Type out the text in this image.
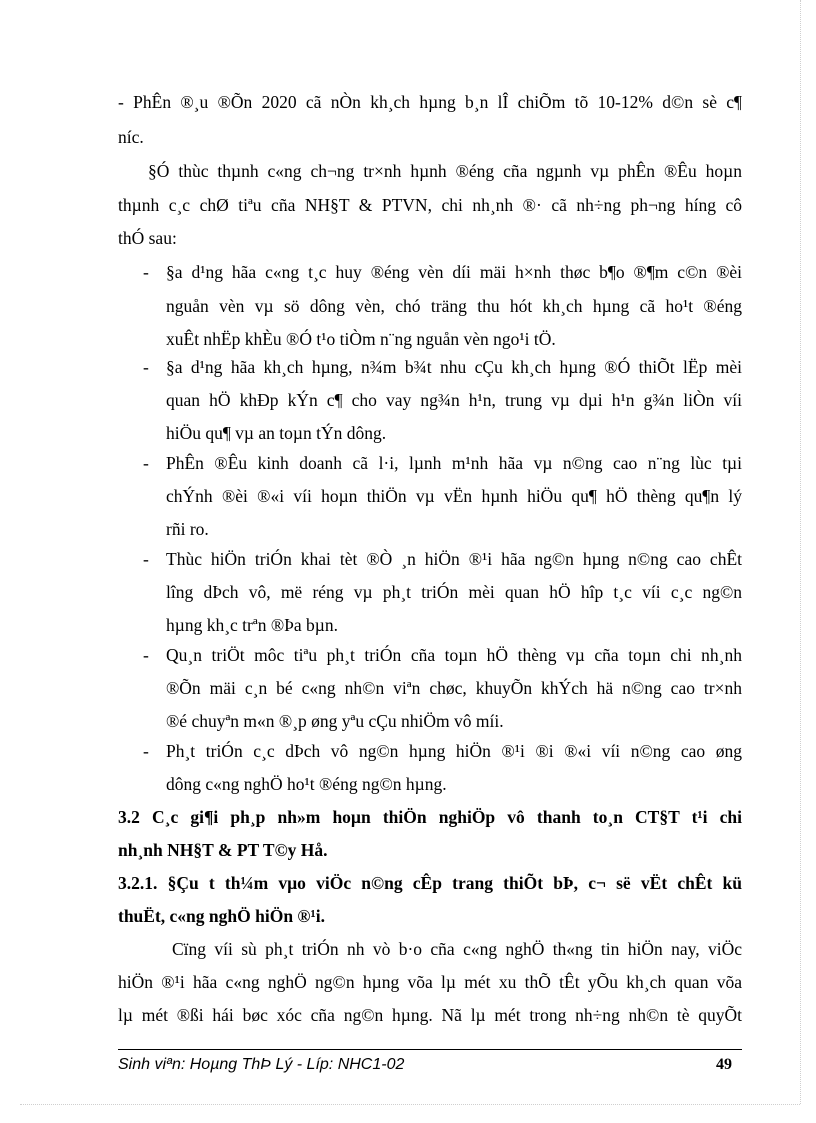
- PhÊn ®¸u ®Õn 2020 cã nÒn kh¸ch hµng b¸n lÎ chiÕm tõ 10-12% d©n sè c¶
níc.
§Ó thùc thµnh c«ng ch¬ng tr×nh hµnh ®éng cña ngµnh vµ phÊn ®Êu hoµn
thµnh c¸c chØ tiªu cña NH§T & PTVN, chi nh¸nh ®· cã nh÷ng ph¬ng híng cô
thÓ sau:
- §a d¹ng hãa c«ng t¸c huy ®éng vèn díi mäi h×nh thøc b¶o ®¶m c©n ®èi
nguån vèn vµ sö dông vèn, chó träng thu hót kh¸ch hµng cã ho¹t ®éng
xuÊt nhËp khÈu ®Ó t¹o tiÒm n¨ng nguån vèn ngo¹i tÖ.
- §a d¹ng hãa kh¸ch hµng, n¾m b¾t nhu cÇu kh¸ch hµng ®Ó thiÕt lËp mèi
quan hÖ khÐp kÝn c¶ cho vay ng¾n h¹n, trung vµ dµi h¹n g¾n liÒn víi
hiÖu qu¶ vµ an toµn tÝn dông.
- PhÊn ®Êu kinh doanh cã l·i, lµnh m¹nh hãa vµ n©ng cao n¨ng lùc tµi
chÝnh ®èi ®«i víi hoµn thiÖn vµ vËn hµnh hiÖu qu¶ hÖ thèng qu¶n lý
rñi ro.
- Thùc hiÖn triÓn khai tèt ®Ò ¸n hiÖn ®¹i hãa ng©n hµng n©ng cao chÊt
lîng dÞch vô, më réng vµ ph¸t triÓn mèi quan hÖ hîp t¸c víi c¸c ng©n
hµng kh¸c trªn ®Þa bµn.
- Qu¸n triÖt môc tiªu ph¸t triÓn cña toµn hÖ thèng vµ cña toµn chi nh¸nh
®Õn mäi c¸n bé c«ng nh©n viªn chøc, khuyÕn khÝch hä n©ng cao tr×nh
®é chuyªn m«n ®¸p øng yªu cÇu nhiÖm vô míi.
- Ph¸t triÓn c¸c dÞch vô ng©n hµng hiÖn ®¹i ®i ®«i víi n©ng cao øng
dông c«ng nghÖ ho¹t ®éng ng©n hµng.
3.2 C¸c gi¶i ph¸p nh»m hoµn thiÖn nghiÖp vô thanh to¸n CT§T t¹i chi
nh¸nh NH§T & PT T©y Hå.
3.2.1. §Çu t th¼m vµo viÖc n©ng cÊp trang thiÕt bÞ, c¬ së vËt chÊt kü
thuËt, c«ng nghÖ hiÖn ®¹i.
Cïng víi sù ph¸t triÓn nh vò b·o cña c«ng nghÖ th«ng tin hiÖn nay, viÖc
hiÖn ®¹i hãa c«ng nghÖ ng©n hµng võa lµ mét xu thÕ tÊt yÕu kh¸ch quan võa
lµ mét ®ßi hái bøc xóc cña ng©n hµng. Nã lµ mét trong nh÷ng nh©n tè quyÕt
Sinh viªn: Hoµng ThÞ Lý - Líp: NHC1-02	49
